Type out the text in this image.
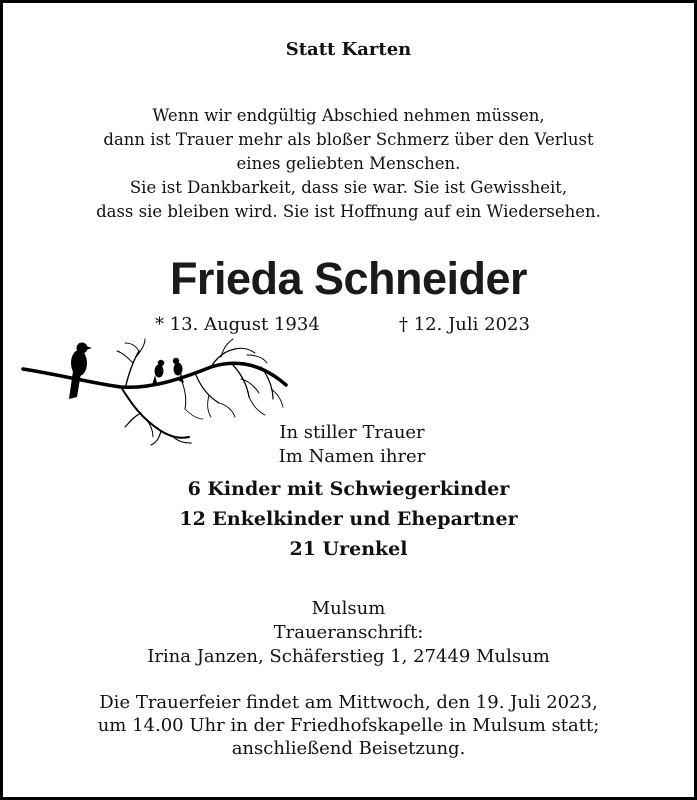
Statt Karten
Wenn wir endgültig Abschied nehmen müssen,
dann ist Trauer mehr als bloßer Schmerz über den Verlust
eines geliebten Menschen.
Sie ist Dankbarkeit, dass sie war. Sie ist Gewissheit,
dass sie bleiben wird. Sie ist Hoffnung auf ein Wiedersehen.
Frieda Schneider
* 13. August 1934	† 12. Juli 2023
In stiller Trauer
Im Namen ihrer
6 Kinder mit Schwiegerkinder
12 Enkelkinder und Ehepartner
21 Urenkel
Mulsum
Traueranschrift:
Irina Janzen, Schäferstieg 1, 27449 Mulsum
Die Trauerfeier findet am Mittwoch, den 19. Juli 2023,
um 14.00 Uhr in der Friedhofskapelle in Mulsum statt;
anschließend Beisetzung.
